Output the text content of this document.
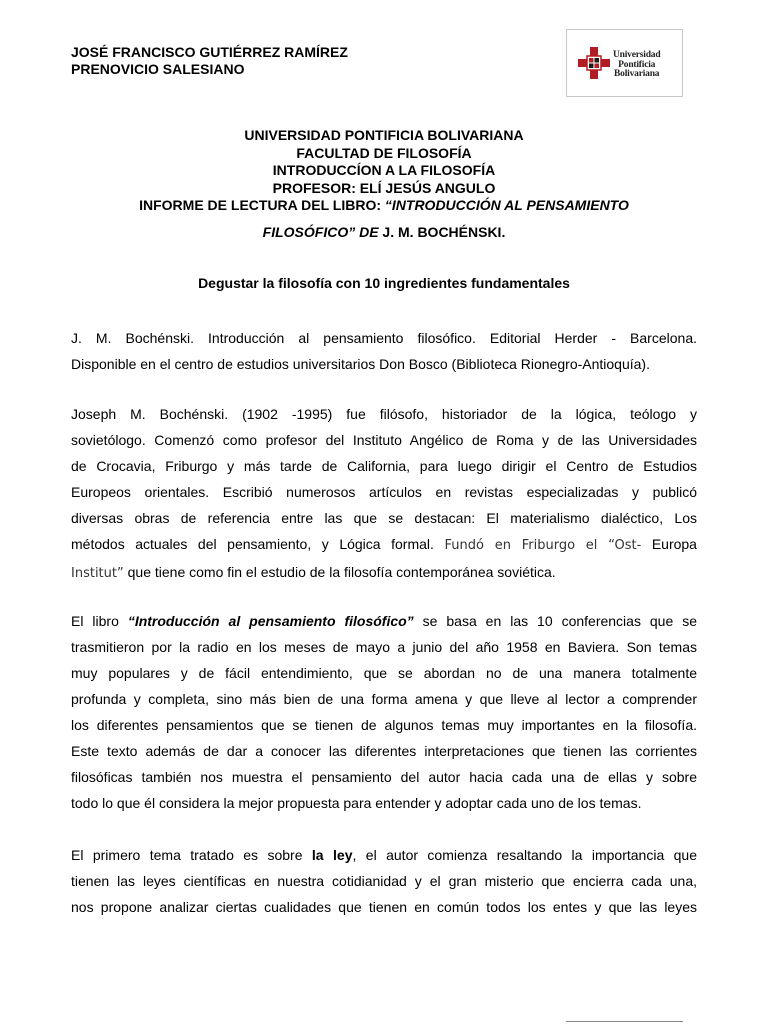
JOSÉ FRANCISCO GUTIÉRREZ RAMÍREZ
PRENOVICIO SALESIANO
Universidad
Pontificia
Bolivariana
UNIVERSIDAD PONTIFICIA BOLIVARIANA
FACULTAD DE FILOSOFÍA
INTRODUCCÍON A LA FILOSOFÍA
PROFESOR: ELÍ JESÚS ANGULO
INFORME DE LECTURA DEL LIBRO: “INTRODUCCIÓN AL PENSAMIENTO
FILOSÓFICO” DE J. M. BOCHÉNSKI.
Degustar la filosofía con 10 ingredientes fundamentales
J. M. Bochénski. Introducción al pensamiento filosófico. Editorial Herder - Barcelona.
Disponible en el centro de estudios universitarios Don Bosco (Biblioteca Rionegro-Antioquía).
Joseph M. Bochénski. (1902 -1995) fue filósofo, historiador de la lógica, teólogo y
sovietólogo. Comenzó como profesor del Instituto Angélico de Roma y de las Universidades
de Crocavia, Friburgo y más tarde de California, para luego dirigir el Centro de Estudios
Europeos orientales. Escribió numerosos artículos en revistas especializadas y publicó
diversas obras de referencia entre las que se destacan: El materialismo dialéctico, Los
métodos actuales del pensamiento, y Lógica formal. Fundó en Friburgo el “Ost- Europa
Institut” que tiene como fin el estudio de la filosofía contemporánea soviética.
El libro “Introducción al pensamiento filosófico” se basa en las 10 conferencias que se
trasmitieron por la radio en los meses de mayo a junio del año 1958 en Baviera. Son temas
muy populares y de fácil entendimiento, que se abordan no de una manera totalmente
profunda y completa, sino más bien de una forma amena y que lleve al lector a comprender
los diferentes pensamientos que se tienen de algunos temas muy importantes en la filosofía.
Este texto además de dar a conocer las diferentes interpretaciones que tienen las corrientes
filosóficas también nos muestra el pensamiento del autor hacia cada una de ellas y sobre
todo lo que él considera la mejor propuesta para entender y adoptar cada uno de los temas.
El primero tema tratado es sobre la ley, el autor comienza resaltando la importancia que
tienen las leyes científicas en nuestra cotidianidad y el gran misterio que encierra cada una,
nos propone analizar ciertas cualidades que tienen en común todos los entes y que las leyes
